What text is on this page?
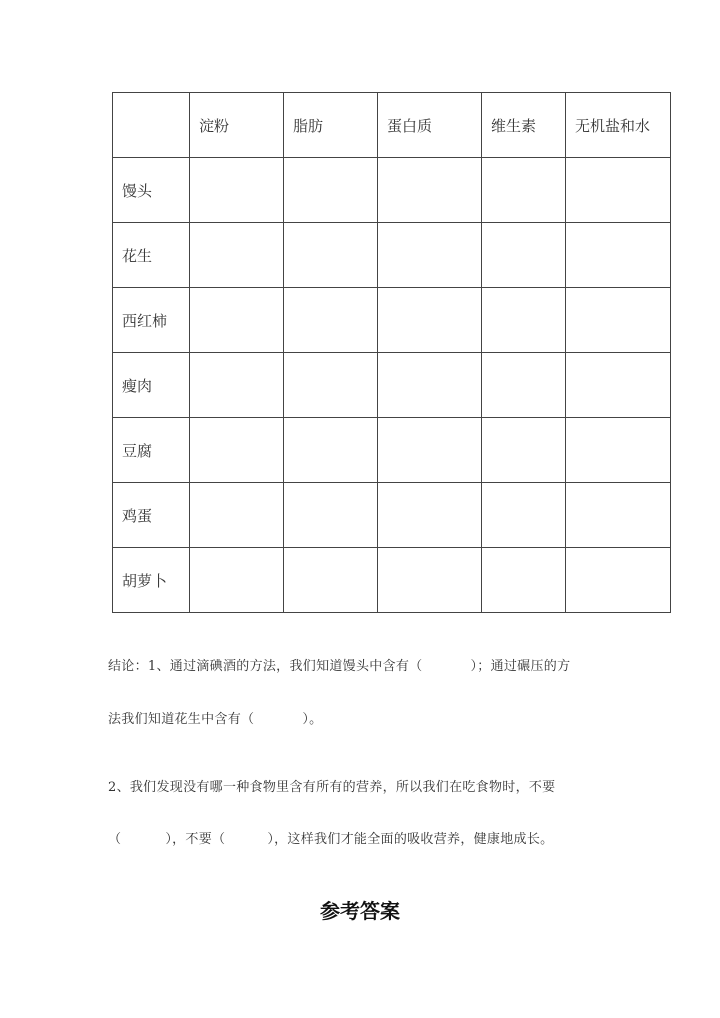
	淀粉	脂肪	蛋白质	维生素	无机盐和水
馒头					
花生					
西红柿					
瘦肉					
豆腐					
鸡蛋					
胡萝卜					
结论：1、通过滴碘酒的方法，我们知道馒头中含有（	）；通过碾压的方
法我们知道花生中含有（	）。
2、我们发现没有哪一种食物里含有所有的营养，所以我们在吃食物时，不要
（	），不要（	），这样我们才能全面的吸收营养，健康地成长。
参考答案
